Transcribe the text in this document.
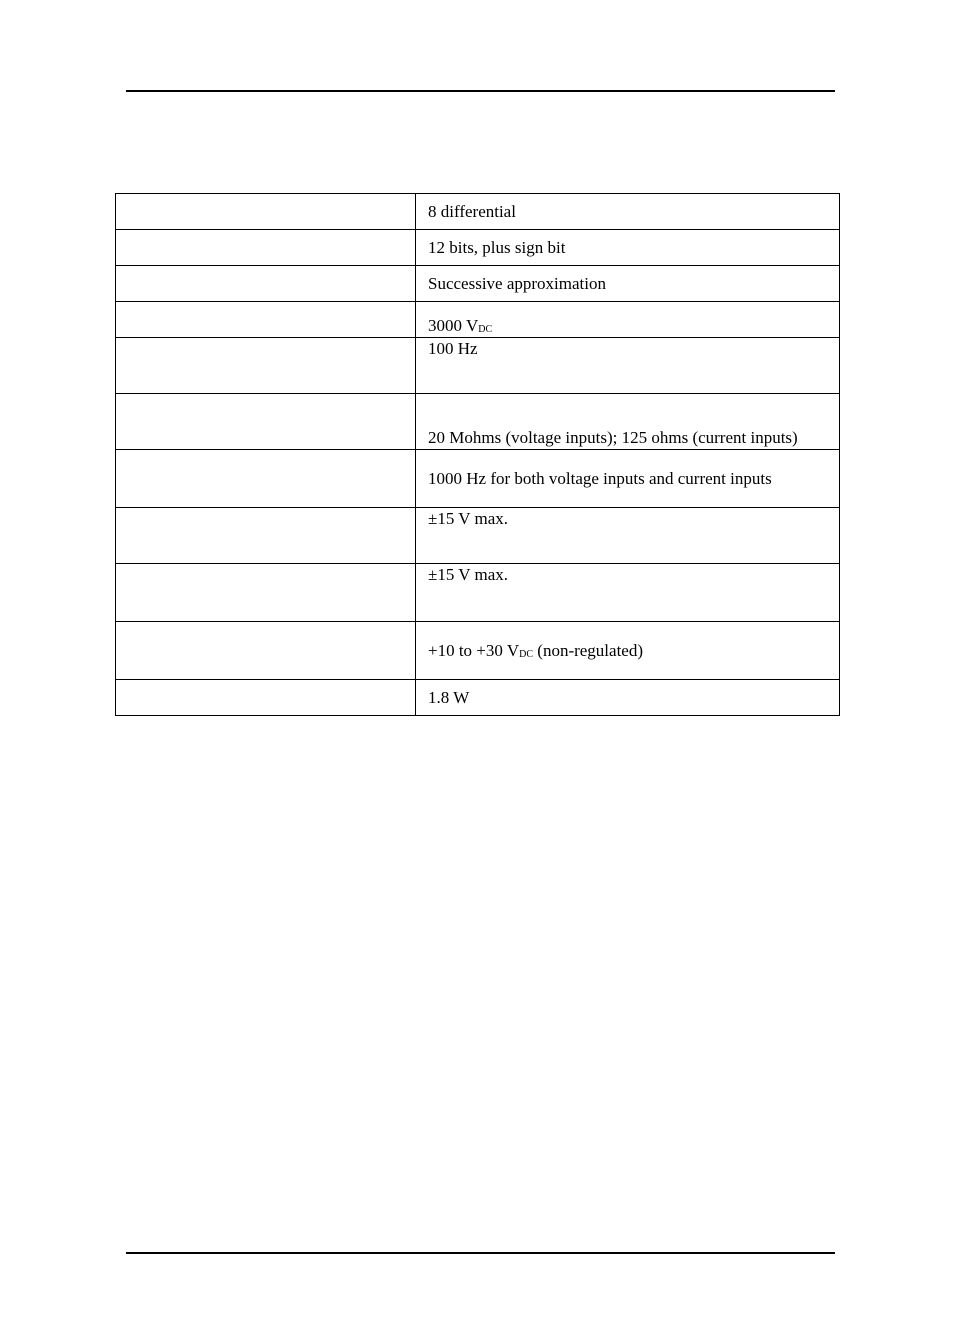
	8 differential
	12 bits, plus sign bit
	Successive approximation
	3000 VDC
	100 Hz
	20 Mohms (voltage inputs); 125 ohms (current inputs)
	1000 Hz for both voltage inputs and current inputs
	±15 V max.
	±15 V max.
	+10 to +30 VDC (non-regulated)
	1.8 W
